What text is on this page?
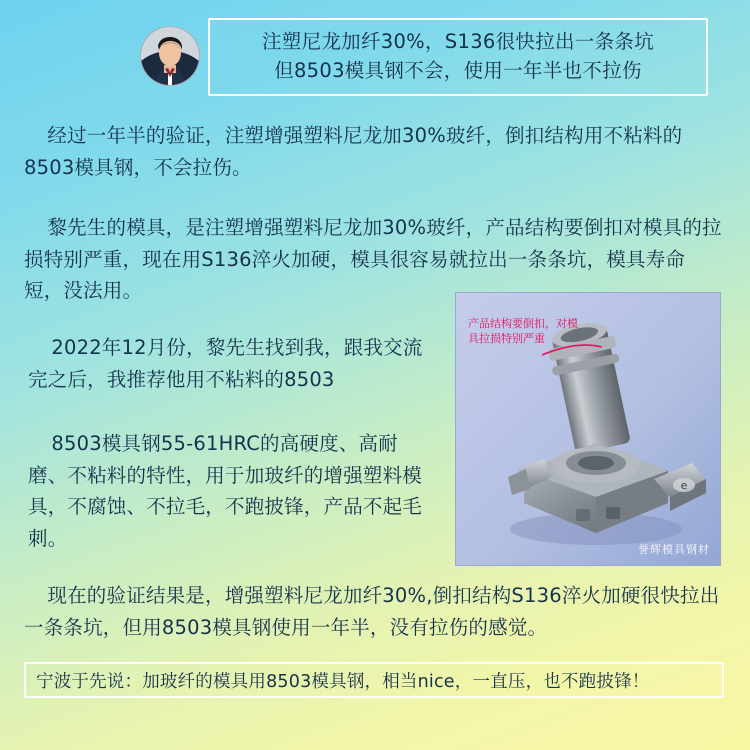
注塑尼龙加纤30%，S136很快拉出一条条坑
但8503模具钢不会，使用一年半也不拉伤
经过一年半的验证，注塑增强塑料尼龙加30%玻纤，倒扣结构用不粘料的8503模具钢，不会拉伤。
黎先生的模具，是注塑增强塑料尼龙加30%玻纤，产品结构要倒扣对模具的拉损特别严重，现在用S136淬火加硬，模具很容易就拉出一条条坑，模具寿命短，没法用。
2022年12月份，黎先生找到我，跟我交流完之后，我推荐他用不粘料的8503
8503模具钢55-61HRC的高硬度、高耐磨、不粘料的特性，用于加玻纤的增强塑料模具，不腐蚀、不拉毛，不跑披锋，产品不起毛刺。
现在的验证结果是，增强塑料尼龙加纤30%,倒扣结构S136淬火加硬很快拉出一条条坑，但用8503模具钢使用一年半，没有拉伤的感觉。
e
产品结构要倒扣，对模具拉损特别严重
誉辉模具钢材
宁波于先说：加玻纤的模具用8503模具钢，相当nice，一直压，也不跑披锋！
